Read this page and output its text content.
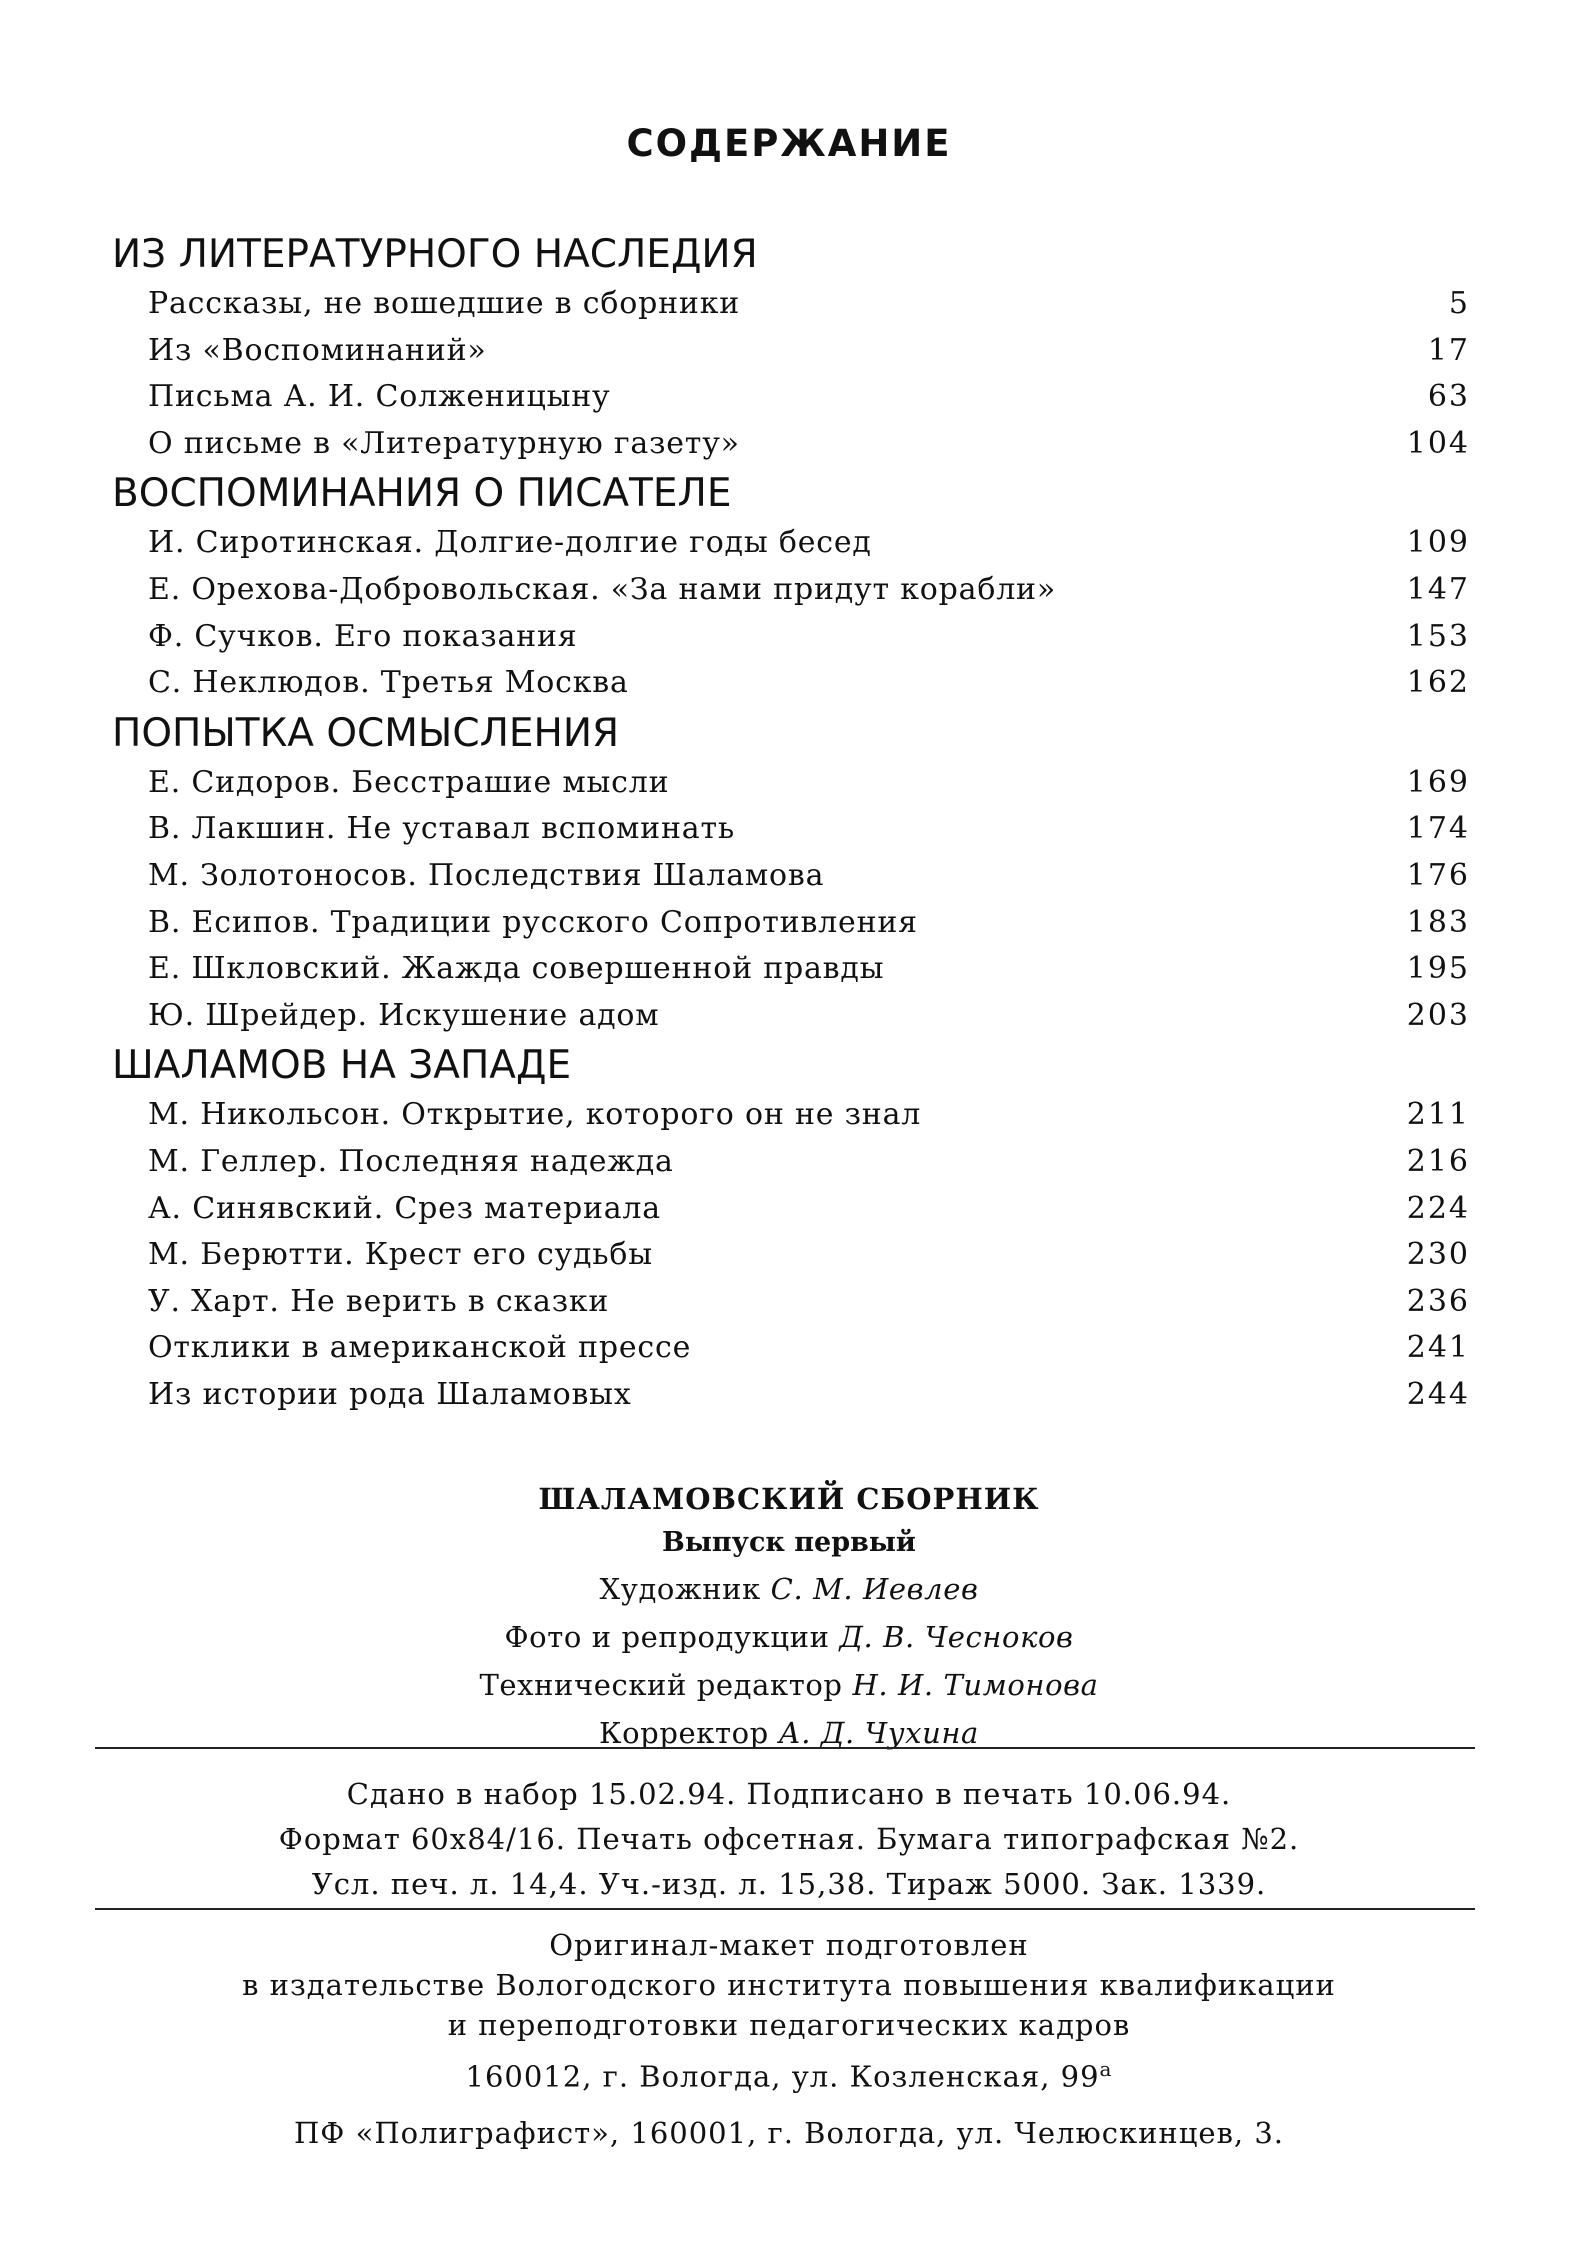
СОДЕРЖАНИЕ
ИЗ ЛИТЕРАТУРНОГО НАСЛЕДИЯ
Рассказы, не вошедшие в сборники	5
Из «Воспоминаний»	17
Письма А. И. Солженицыну	63
О письме в «Литературную газету»	104
ВОСПОМИНАНИЯ О ПИСАТЕЛЕ
И. Сиротинская. Долгие-долгие годы бесед	109
Е. Орехова-Добровольская. «За нами придут корабли»	147
Ф. Сучков. Его показания	153
С. Неклюдов. Третья Москва	162
ПОПЫТКА ОСМЫСЛЕНИЯ
Е. Сидоров. Бесстрашие мысли	169
В. Лакшин. Не уставал вспоминать	174
М. Золотоносов. Последствия Шаламова	176
В. Есипов. Традиции русского Сопротивления	183
Е. Шкловский. Жажда совершенной правды	195
Ю. Шрейдер. Искушение адом	203
ШАЛАМОВ НА ЗАПАДЕ
М. Никольсон. Открытие, которого он не знал	211
М. Геллер. Последняя надежда	216
А. Синявский. Срез материала	224
М. Берютти. Крест его судьбы	230
У. Харт. Не верить в сказки	236
Отклики в американской прессе	241
Из истории рода Шаламовых	244
ШАЛАМОВСКИЙ СБОРНИК
Выпуск первый
Художник С. М. Иевлев
Фото и репродукции Д. В. Чесноков
Технический редактор Н. И. Тимонова
Корректор А. Д. Чухина
Сдано в набор 15.02.94. Подписано в печать 10.06.94.
Формат 60х84/16. Печать офсетная. Бумага типографская №2.
Усл. печ. л. 14,4. Уч.-изд. л. 15,38. Тираж 5000. Зак. 1339.
Оригинал-макет подготовлен
в издательстве Вологодского института повышения квалификации
и переподготовки педагогических кадров
160012, г. Вологда, ул. Козленская, $99^а$
ПФ «Полиграфист», 160001, г. Вологда, ул. Челюскинцев, 3.
